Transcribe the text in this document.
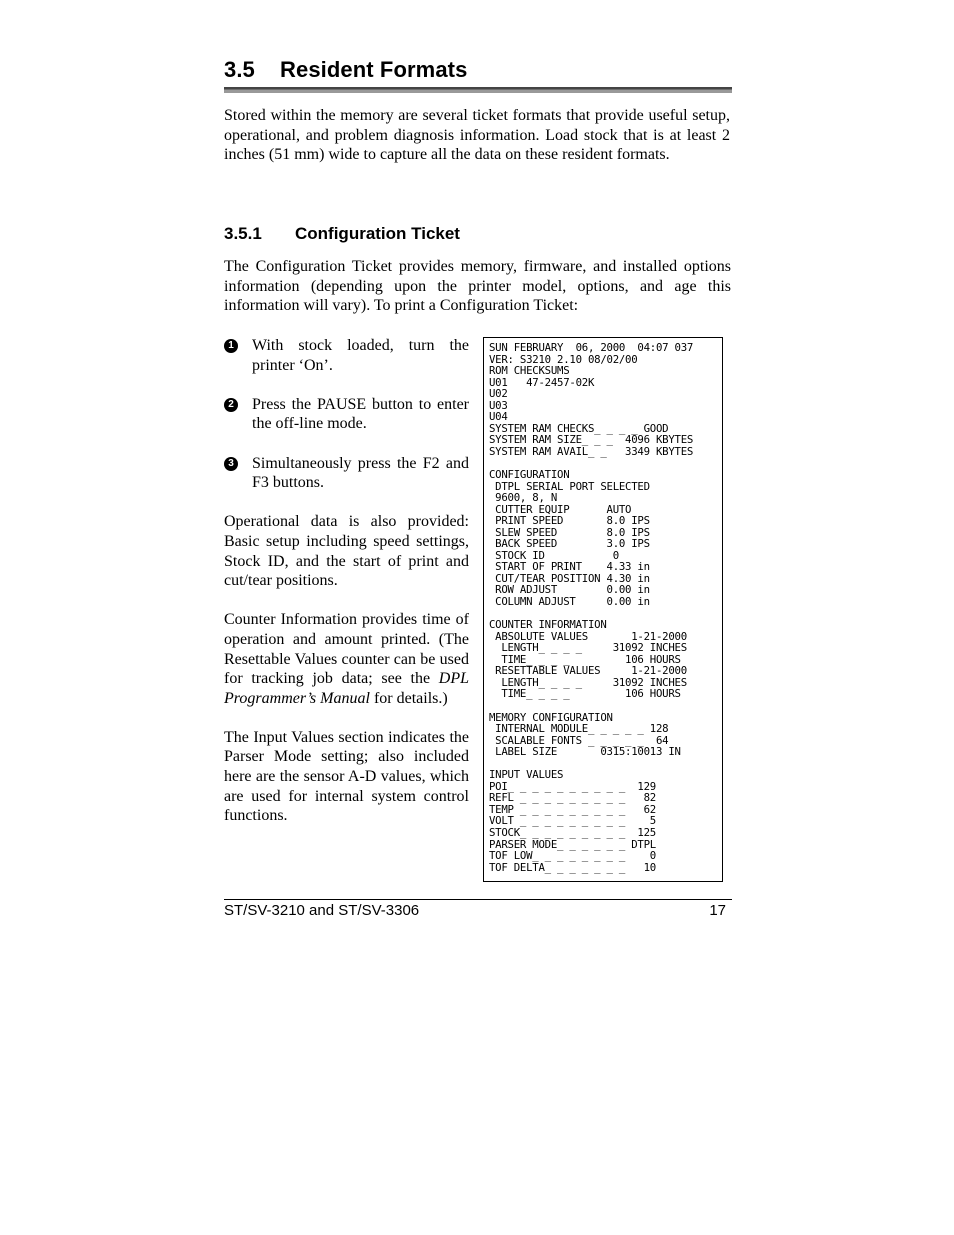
3.5 Resident Formats

Stored within the memory are several ticket formats that provide useful setup, operational, and problem diagnosis information. Load stock that is at least 2 inches (51 mm) wide to capture all the data on these resident formats.

3.5.1 Configuration Ticket

The Configuration Ticket provides memory, firmware, and installed options information (depending upon the printer model, options, and age this information will vary). To print a Configuration Ticket:

1 With stock loaded, turn the printer ‘On’.
2 Press the PAUSE button to enter the off-line mode.
3 Simultaneously press the F2 and F3 buttons.

Operational data is also provided: Basic setup including speed settings, Stock ID, and the start of print and cut/tear positions.

Counter Information provides time of operation and amount printed. (The Resettable Values counter can be used for tracking job data; see the DPL Programmer’s Manual for details.)

The Input Values section indicates the Parser Mode setting; also included here are the sensor A-D values, which are used for internal system control functions.

SUN FEBRUARY  06, 2000  04:07 037
VER: S3210 2.10 08/02/00
ROM CHECKSUMS
U01   47-2457-02K
U02
U03
U04
SYSTEM RAM CHECKS_ _ _ _ GOOD
SYSTEM RAM SIZE_ _ _  4096 KBYTES
SYSTEM RAM AVAIL_ _   3349 KBYTES
CONFIGURATION
DTPL SERIAL PORT SELECTED
9600, 8, N
CUTTER EQUIP      AUTO
PRINT SPEED       8.0 IPS
SLEW SPEED        8.0 IPS
BACK SPEED        3.0 IPS
STOCK ID           0
START OF PRINT    4.33 in
CUT/TEAR POSITION 4.30 in
ROW ADJUST        0.00 in
COLUMN ADJUST     0.00 in
COUNTER INFORMATION
ABSOLUTE VALUES       1-21-2000
LENGTH_ _ _ _     31092 INCHES
TIME_ _ _ _         106 HOURS
RESETTABLE VALUES     1-21-2000
LENGTH_ _ _ _     31092 INCHES
TIME_ _ _ _         106 HOURS
MEMORY CONFIGURATION
INTERNAL MODULE_ _ _ _ _ 128
SCALABLE FONTS _ _ _ _ _  64
LABEL SIZE       0315:10013 IN
INPUT VALUES
POI_ _ _ _ _ _ _ _ _ _  129
REFL _ _ _ _ _ _ _ _ _   82
TEMP _ _ _ _ _ _ _ _ _   62
VOLT _ _ _ _ _ _ _ _ _    5
STOCK_ _ _ _ _ _ _ _ _  125
PARSER MODE_ _ _ _ _ _ DTPL
TOF LOW_ _ _ _ _ _ _ _    0
TOF DELTA_ _ _ _ _ _ _   10
ST/SV-3210 and ST/SV-3306	17
